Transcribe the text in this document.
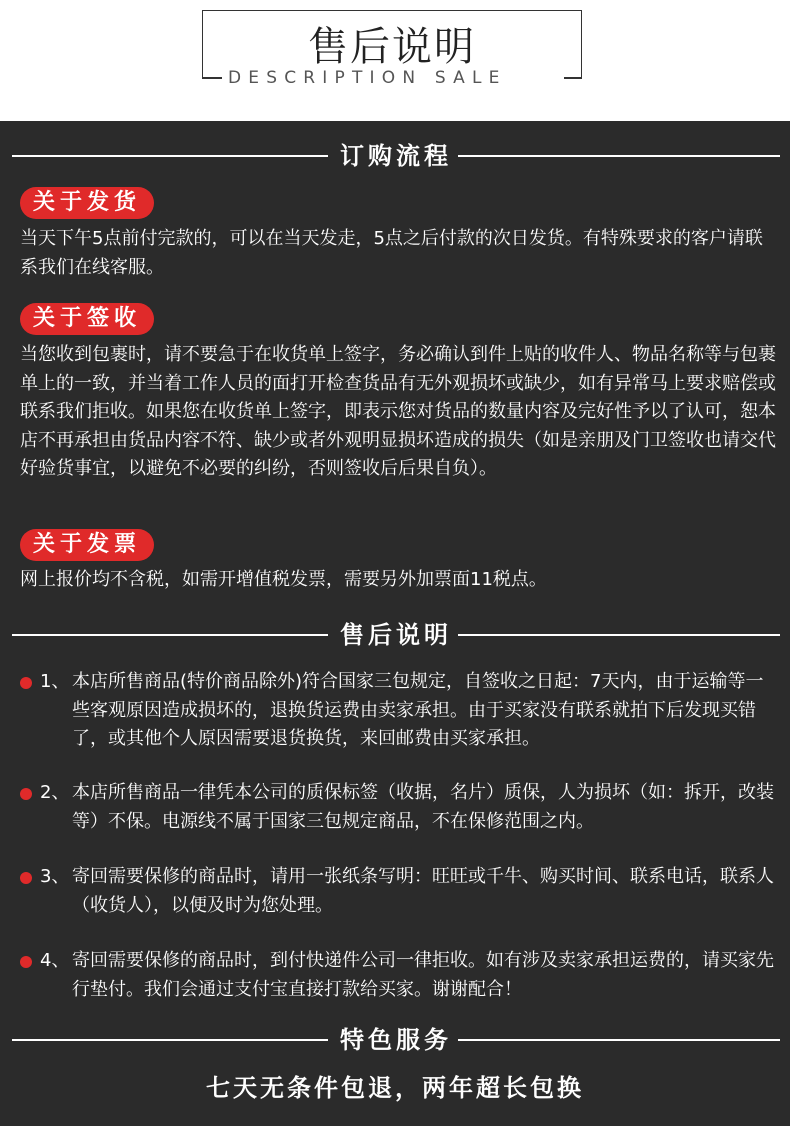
售后说明
DESCRIPTION SALE
订购流程
关于发货

当天下午5点前付完款的，可以在当天发走，5点之后付款的次日发货。有特殊要求的客户请联系我们在线客服。

关于签收

当您收到包裹时，请不要急于在收货单上签字，务必确认到件上贴的收件人、物品名称等与包裹单上的一致，并当着工作人员的面打开检查货品有无外观损坏或缺少，如有异常马上要求赔偿或联系我们拒收。如果您在收货单上签字，即表示您对货品的数量内容及完好性予以了认可，恕本店不再承担由货品内容不符、缺少或者外观明显损坏造成的损失（如是亲朋及门卫签收也请交代好验货事宜，以避免不必要的纠纷，否则签收后后果自负）。

关于发票

网上报价均不含税，如需开增值税发票，需要另外加票面11税点。

售后说明
1、 本店所售商品(特价商品除外)符合国家三包规定，自签收之日起：7天内，由于运输等一些客观原因造成损坏的，退换货运费由卖家承担。由于买家没有联系就拍下后发现买错了，或其他个人原因需要退货换货，来回邮费由买家承担。
2、 本店所售商品一律凭本公司的质保标签（收据，名片）质保，人为损坏（如：拆开，改装等）不保。电源线不属于国家三包规定商品，不在保修范围之内。
3、 寄回需要保修的商品时，请用一张纸条写明：旺旺或千牛、购买时间、联系电话，联系人（收货人），以便及时为您处理。
4、 寄回需要保修的商品时，到付快递件公司一律拒收。如有涉及卖家承担运费的，请买家先行垫付。我们会通过支付宝直接打款给买家。谢谢配合！
特色服务
七天无条件包退，两年超长包换
